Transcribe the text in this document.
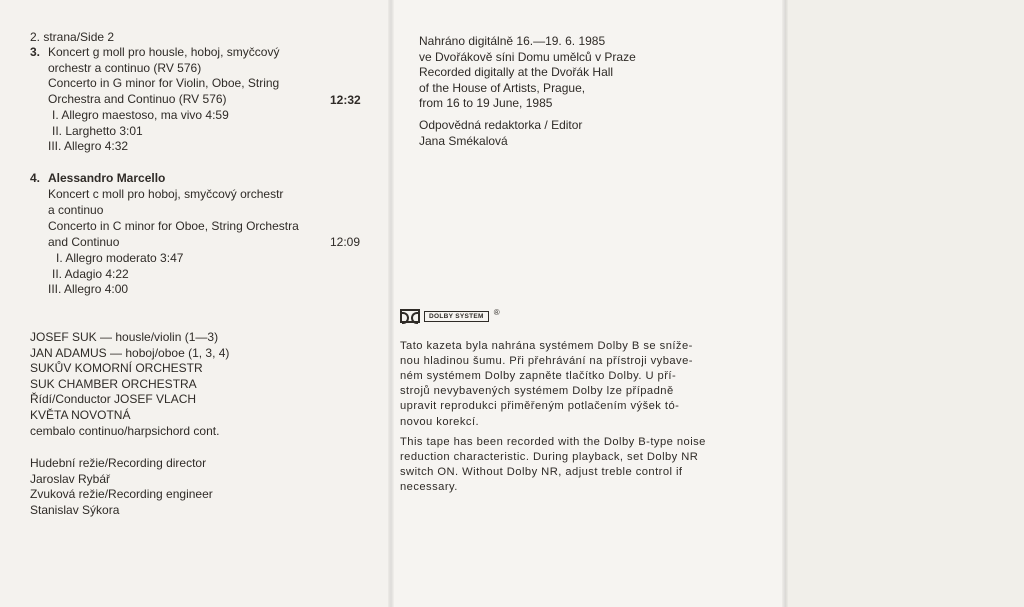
2. strana/Side 2
3. Koncert g moll pro housle, hoboj, smyčcový
orchestr a continuo (RV 576)
Concerto in G minor for Violin, Oboe, String
Orchestra and Continuo (RV 576)	12:32
I. Allegro maestoso, ma vivo 4:59
II. Larghetto 3:01
III. Allegro 4:32
4. Alessandro Marcello
Koncert c moll pro hoboj, smyčcový orchestr
a continuo
Concerto in C minor for Oboe, String Orchestra
and Continuo	12:09
I. Allegro moderato 3:47
II. Adagio 4:22
III. Allegro 4:00
JOSEF SUK — housle/violin (1—3)
JAN ADAMUS — hoboj/oboe (1, 3, 4)
SUKŮV KOMORNÍ ORCHESTR
SUK CHAMBER ORCHESTRA
Řídí/Conductor JOSEF VLACH
KVĚTA NOVOTNÁ
cembalo continuo/harpsichord cont.
Hudební režie/Recording director
Jaroslav Rybář
Zvuková režie/Recording engineer
Stanislav Sýkora
Nahráno digitálně 16.—19. 6. 1985
ve Dvořákově síni Domu umělců v Praze
Recorded digitally at the Dvořák Hall
of the House of Artists, Prague,
from 16 to 19 June, 1985
Odpovědná redaktorka / Editor
Jana Smékalová
DOLBY SYSTEM	®
Tato kazeta byla nahrána systémem Dolby B se sníže-
nou hladinou šumu. Při přehrávání na přístroji vybave-
ném systémem Dolby zapněte tlačítko Dolby. U pří-
strojů nevybavených systémem Dolby lze případně
upravit reprodukci přiměřeným potlačením výšek tó-
novou korekcí.
This tape has been recorded with the Dolby B-type noise
reduction characteristic. During playback, set Dolby NR
switch ON. Without Dolby NR, adjust treble control if
necessary.
